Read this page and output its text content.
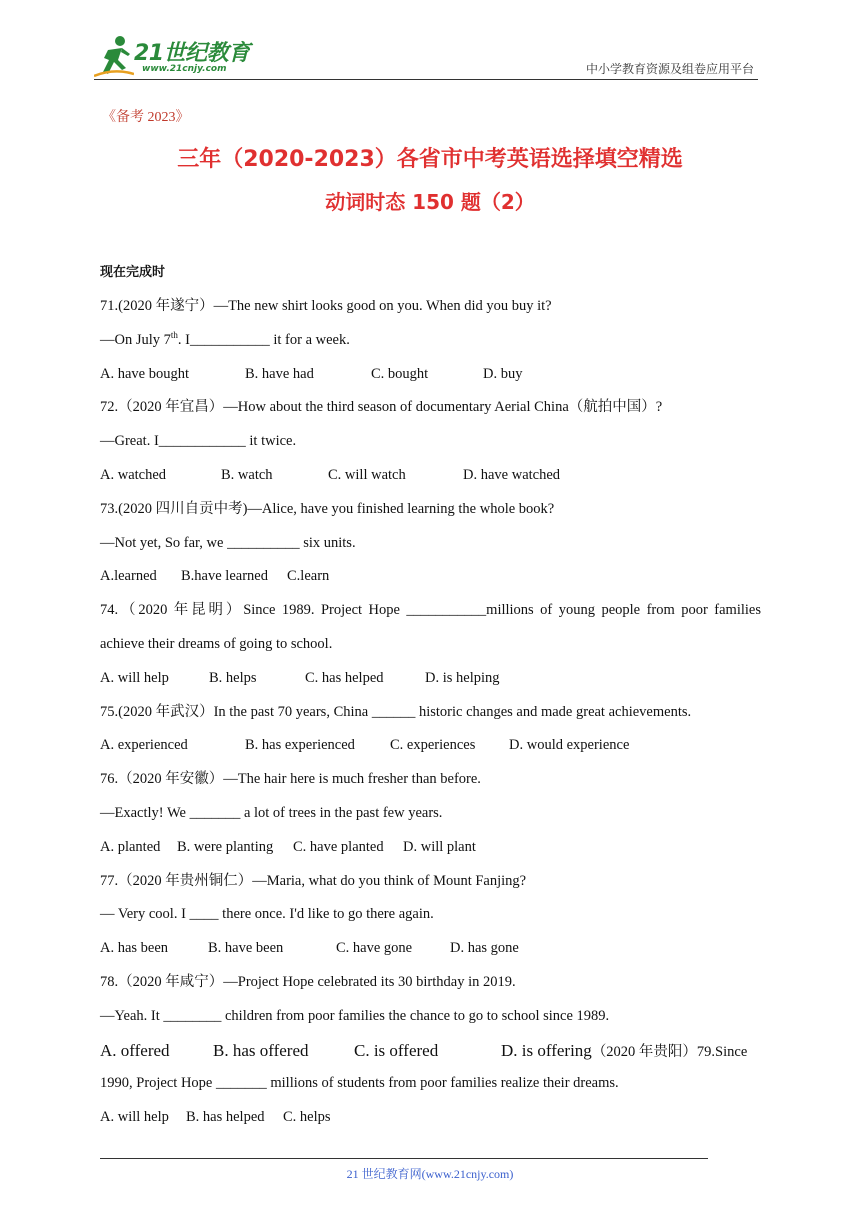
21世纪教育
www.21cnjy.com	中小学教育资源及组卷应用平台
《备考 2023》
三年（2020-2023）各省市中考英语选择填空精选
动词时态 150 题（2）
现在完成时
71.(2020 年遂宁）—The new shirt looks good on you. When did you buy it?
—On July 7th. I___________ it for a week.
A. have bought	B. have had	C. bought	D. buy
72.（2020 年宜昌）—How about the third season of documentary Aerial China（航拍中国）?
—Great. I____________ it twice.
A. watched	B. watch	C. will watch	D. have watched
73.(2020 四川自贡中考)—Alice, have you finished learning the whole book?
—Not yet, So far, we __________ six units.
A.learned B.have learned C.learn
74.（2020 年昆明）Since 1989. Project Hope ___________millions of young people from poor families
achieve their dreams of going to school.
A. will help	B. helps	C. has helped	D. is helping
75.(2020 年武汉）In the past 70 years, China ______ historic changes and made great achievements.
A. experienced	B. has experienced C. experiences D. would experience
76.（2020 年安徽）—The hair here is much fresher than before.
—Exactly! We _______ a lot of trees in the past few years.
A. planted B. were planting C. have planted D. will plant
77.（2020 年贵州铜仁）—Maria, what do you think of Mount Fanjing?
— Very cool. I ____ there once. I'd like to go there again.
A. has been	B. have been	C. have gone	D. has gone
78.（2020 年咸宁）—Project Hope celebrated its 30 birthday in 2019.
—Yeah. It ________ children from poor families the chance to go to school since 1989.
A. offered	B. has offered	C. is offered	D. is offering（2020 年贵阳）79.Since
1990, Project Hope _______ millions of students from poor families realize their dreams.
A. will help B. has helped C. helps
21 世纪教育网(www.21cnjy.com)
